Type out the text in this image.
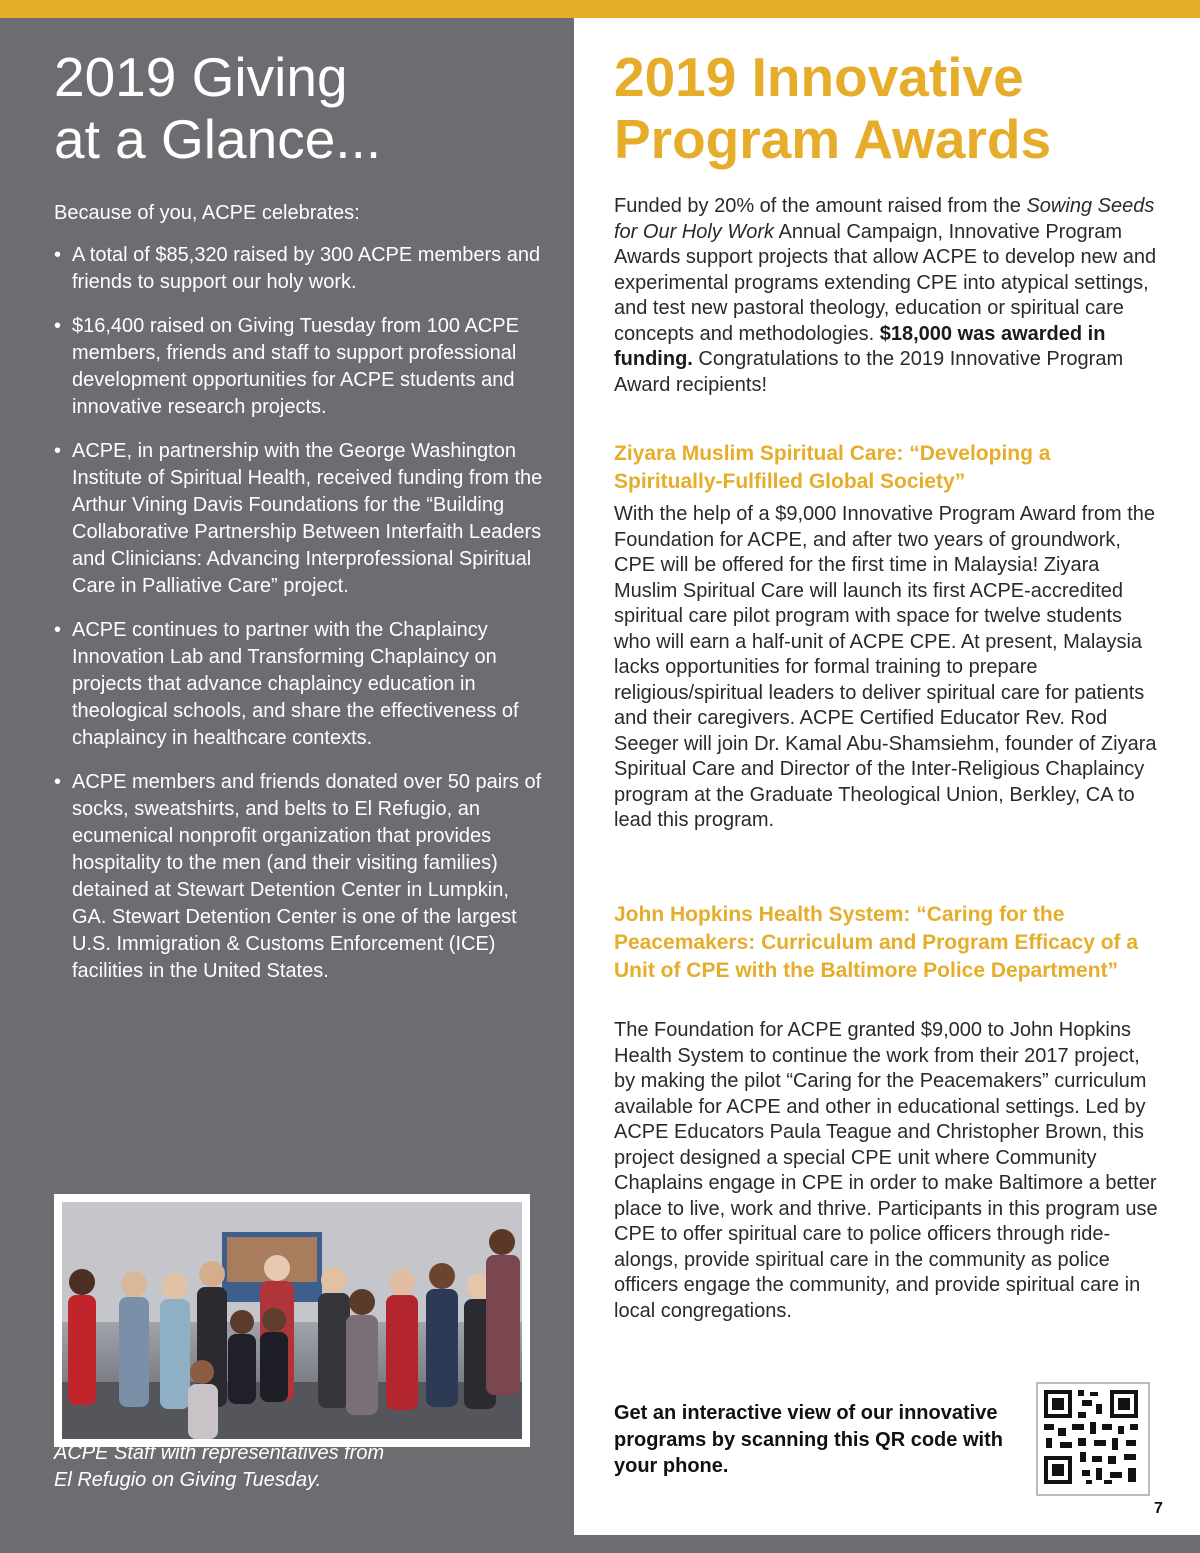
2019 Giving
at a Glance...

Because of you, ACPE celebrates:

• A total of $85,320 raised by 300 ACPE members and friends to support our holy work.
• $16,400 raised on Giving Tuesday from 100 ACPE members, friends and staff to support professional development opportunities for ACPE students and innovative research projects.
• ACPE, in partnership with the George Washington Institute of Spiritual Health, received funding from the Arthur Vining Davis Foundations for the “Building Collaborative Partnership Between Interfaith Leaders and Clinicians: Advancing Interprofessional Spiritual Care in Palliative Care” project.
• ACPE continues to partner with the Chaplaincy Innovation Lab and Transforming Chaplaincy on projects that advance chaplaincy education in theological schools, and share the effectiveness of chaplaincy in healthcare contexts.
• ACPE members and friends donated over 50 pairs of socks, sweatshirts, and belts to El Refugio, an ecumenical nonprofit organization that provides hospitality to the men (and their visiting families) detained at Stewart Detention Center in Lumpkin, GA. Stewart Detention Center is one of the largest U.S. Immigration & Customs Enforcement (ICE) facilities in the United States.

ACPE Staff with representatives from
El Refugio on Giving Tuesday.

2019 Innovative
Program Awards

Funded by 20% of the amount raised from the Sowing Seeds for Our Holy Work Annual Campaign, Innovative Program Awards support projects that allow ACPE to develop new and experimental programs extending CPE into atypical settings, and test new pastoral theology, education or spiritual care concepts and methodologies. $18,000 was awarded in funding. Congratulations to the 2019 Innovative Program Award recipients!

Ziyara Muslim Spiritual Care: “Developing a Spiritually-Fulfilled Global Society”

With the help of a $9,000 Innovative Program Award from the Foundation for ACPE, and after two years of groundwork, CPE will be offered for the first time in Malaysia! Ziyara Muslim Spiritual Care will launch its first ACPE-accredited spiritual care pilot program with space for twelve students who will earn a half-unit of ACPE CPE. At present, Malaysia lacks opportunities for formal training to prepare religious/spiritual leaders to deliver spiritual care for patients and their caregivers. ACPE Certified Educator Rev. Rod Seeger will join Dr. Kamal Abu-Shamsiehm, founder of Ziyara Spiritual Care and Director of the Inter-Religious Chaplaincy program at the Graduate Theological Union, Berkley, CA to lead this program.

John Hopkins Health System: “Caring for the Peacemakers: Curriculum and Program Efficacy of a Unit of CPE with the Baltimore Police Department”

The Foundation for ACPE granted $9,000 to John Hopkins Health System to continue the work from their 2017 project, by making the pilot “Caring for the Peacemakers” curriculum available for ACPE and other in educational settings. Led by ACPE Educators Paula Teague and Christopher Brown, this project designed a special CPE unit where Community Chaplains engage in CPE in order to make Baltimore a better place to live, work and thrive. Participants in this program use CPE to offer spiritual care to police officers through ride-alongs, provide spiritual care in the community as police officers engage the community, and provide spiritual care in local congregations.

Get an interactive view of our innovative programs by scanning this QR code with your phone.

7
